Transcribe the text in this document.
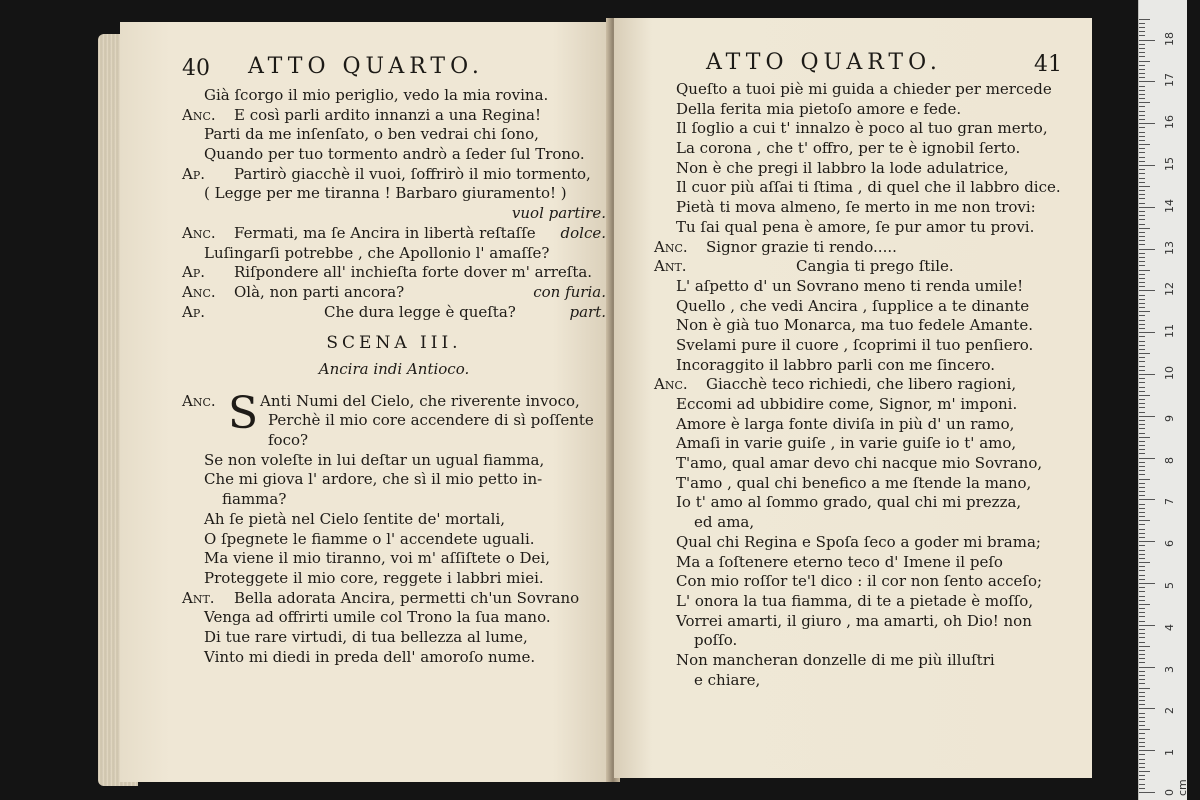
40 ATTO QUARTO.
Già ſcorgo il mio periglio, vedo la mia rovina.
Anc. E così parli ardito innanzi a una Regina!
Parti da me inſenſato, o ben vedrai chi ſono,
Quando per tuo tormento andrò a ſeder ſul Trono.
Ap. Partirò giacchè il vuoi, ſoffrirò il mio tormento,
( Legge per me tiranna ! Barbaro giuramento! )
vuol partire.
Anc. Fermati, ma ſe Ancira in libertà reſtaſſe dolce.
Luſingarſi potrebbe , che Apollonio l' amaſſe?
Ap. Riſpondere all' inchieſta forte dover m' arreſta.
Anc. Olà, non parti ancora?	con furia.
Ap.	Che dura legge è queſta?	part.
SCENA III.
Ancira indi Antioco.
Anc. S Anti Numi del Cielo, che riverente invoco,
Perchè il mio core accendere di sì poſſente
foco?
Se non voleſte in lui deſtar un ugual fiamma,
Che mi giova l' ardore, che sì il mio petto in-
fiamma?
Ah ſe pietà nel Cielo ſentite de' mortali,
O ſpegnete le fiamme o l' accendete uguali.
Ma viene il mio tiranno, voi m' aſſiſtete o Dei,
Proteggete il mio core, reggete i labbri miei.
Ant. Bella adorata Ancira, permetti ch'un Sovrano
Venga ad offrirti umile col Trono la ſua mano.
Di tue rare virtudi, di tua bellezza al lume,
Vinto mi diedi in preda dell' amoroſo nume.
ATTO QUARTO.	41
Queſto a tuoi piè mi guida a chieder per mercede
Della ferita mia pietoſo amore e fede.
Il ſoglio a cui t' innalzo è poco al tuo gran merto,
La corona , che t' offro, per te è ignobil ſerto.
Non è che pregi il labbro la lode adulatrice,
Il cuor più aſſai ti ſtima , di quel che il labbro dice.
Pietà ti mova almeno, ſe merto in me non trovi:
Tu ſai qual pena è amore, ſe pur amor tu provi.
Anc. Signor grazie ti rendo.....
Ant.	Cangia ti prego ſtile.
L' aſpetto d' un Sovrano meno ti renda umile!
Quello , che vedi Ancira , ſupplice a te dinante
Non è già tuo Monarca, ma tuo fedele Amante.
Svelami pure il cuore , ſcoprimi il tuo penſiero.
Incoraggito il labbro parli con me ſincero.
Anc. Giacchè teco richiedi, che libero ragioni,
Eccomi ad ubbidire come, Signor, m' imponi.
Amore è larga fonte diviſa in più d' un ramo,
Amaſi in varie guiſe , in varie guiſe io t' amo,
T'amo, qual amar devo chi nacque mio Sovrano,
T'amo , qual chi benefico a me ſtende la mano,
Io t' amo al ſommo grado, qual chi mi prezza,
ed ama,
Qual chi Regina e Spoſa ſeco a goder mi brama;
Ma a ſoſtenere eterno teco d' Imene il peſo
Con mio roſſor te'l dico : il cor non ſento acceſo;
L' onora la tua fiamma, di te a pietade è moſſo,
Vorrei amarti, il giuro , ma amarti, oh Dio! non
poſſo.
Non mancheran donzelle di me più illuſtri
e chiare,
0 cm
1
2
3
4
5
6
7
8
9
10
11
12
13
14
15
16
17
18
